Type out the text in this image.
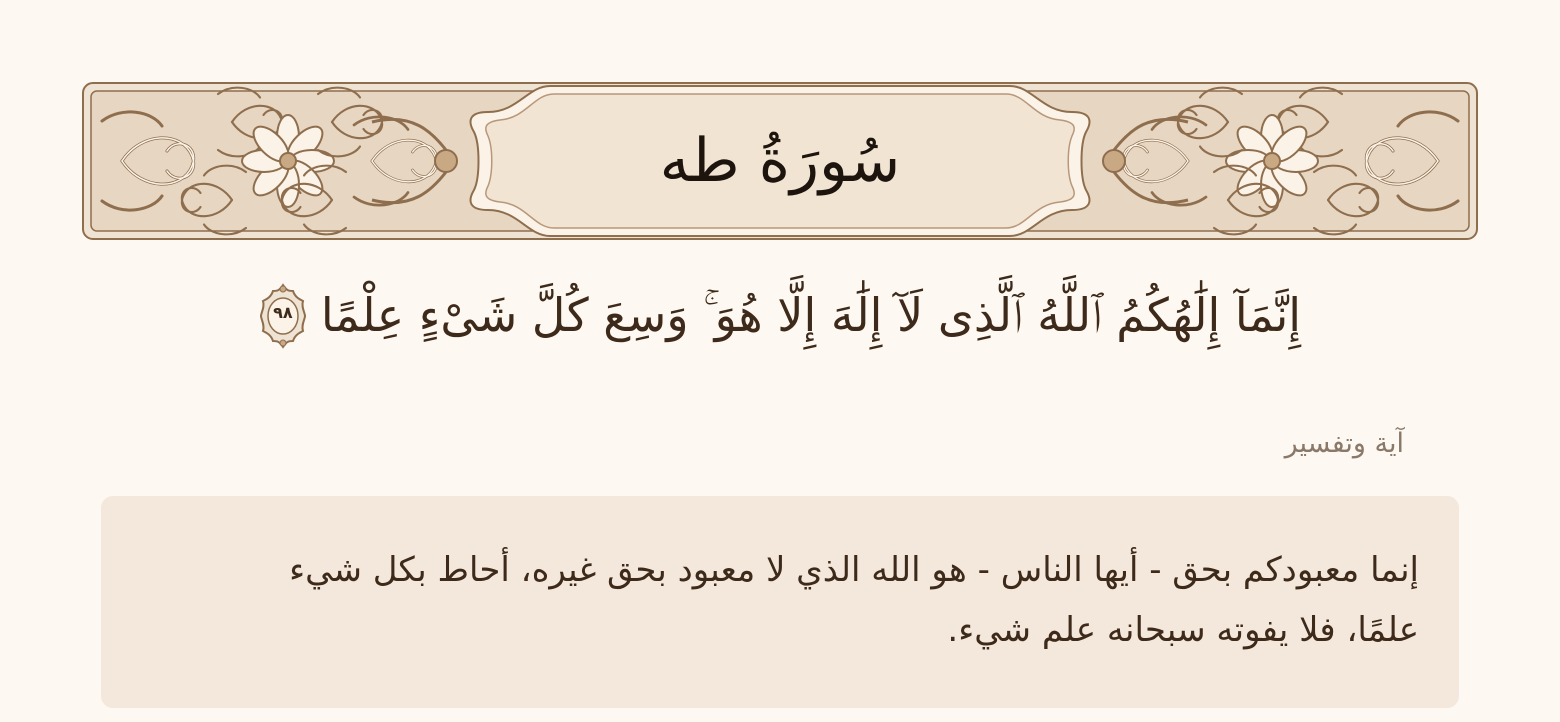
سُورَةُ طه
إِنَّمَآ إِلَٰهُكُمُ ٱللَّهُ ٱلَّذِى لَآ إِلَٰهَ إِلَّا هُوَ ۚ وَسِعَ كُلَّ شَىْءٍ عِلْمًا
٩٨
آية وتفسير
إنما معبودكم بحق - أيها الناس - هو الله الذي لا معبود بحق غيره، أحاط بكل شيء علمًا، فلا يفوته سبحانه علم شيء.
